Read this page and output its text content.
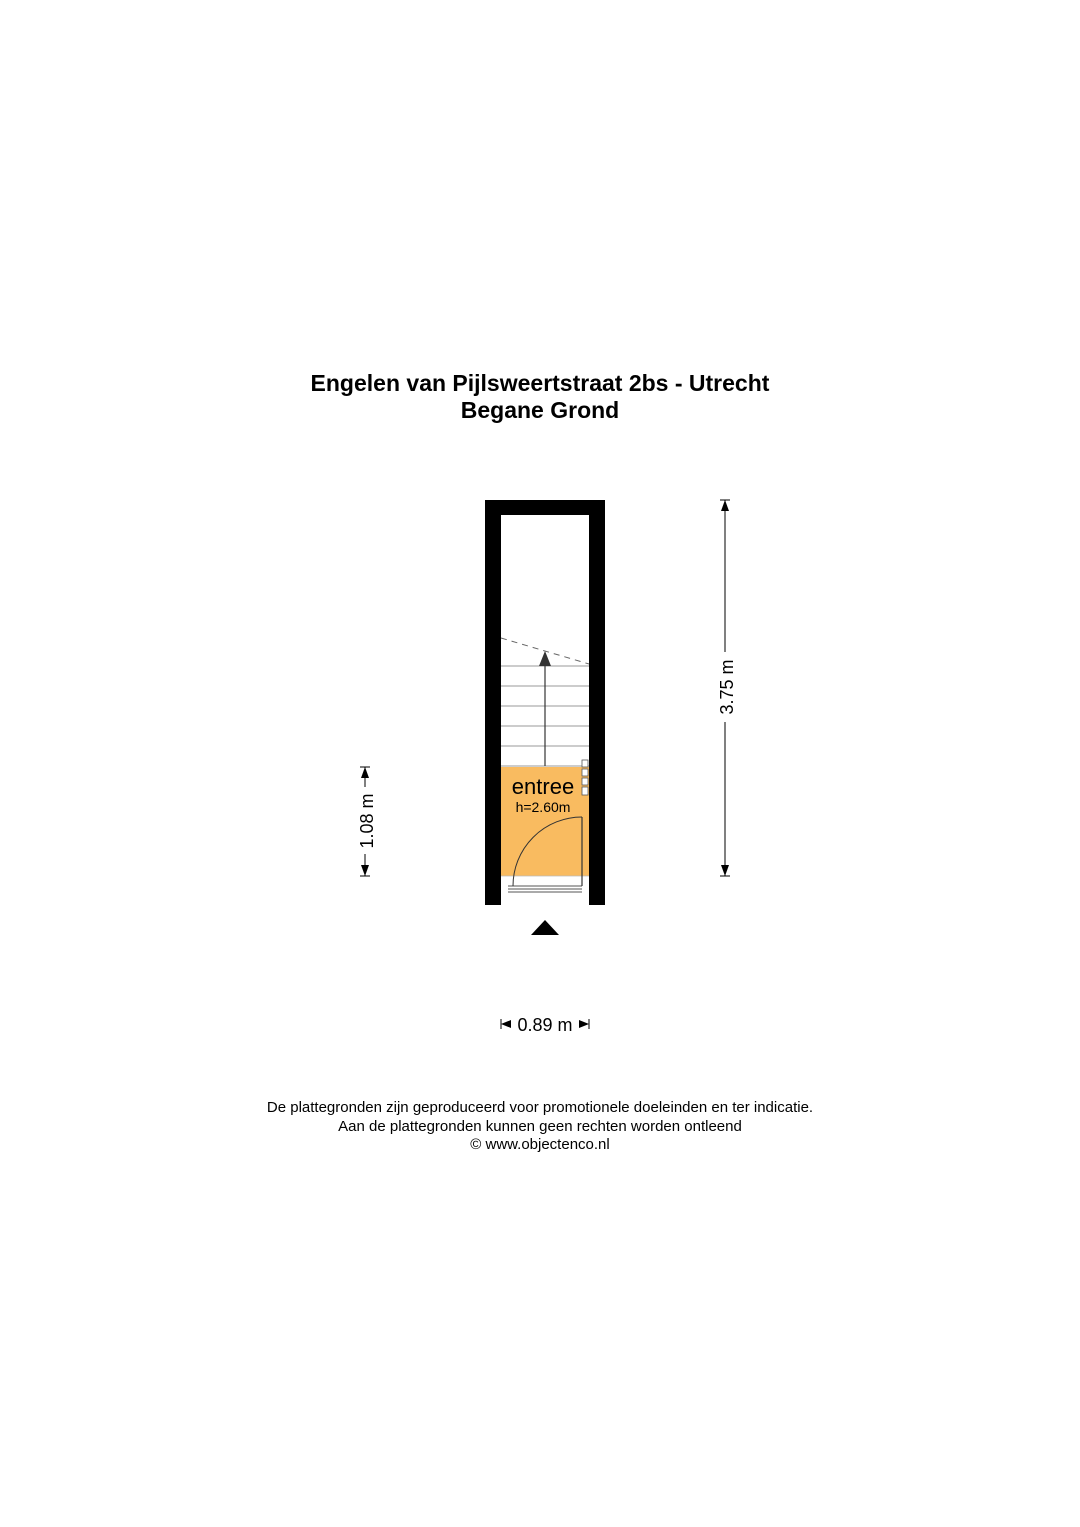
Engelen van Pijlsweertstraat 2bs - Utrecht
Begane Grond
entree
h=2.60m
3.75 m
1.08 m
0.89 m
De plattegronden zijn geproduceerd voor promotionele doeleinden en ter indicatie.
Aan de plattegronden kunnen geen rechten worden ontleend
© www.objectenco.nl
